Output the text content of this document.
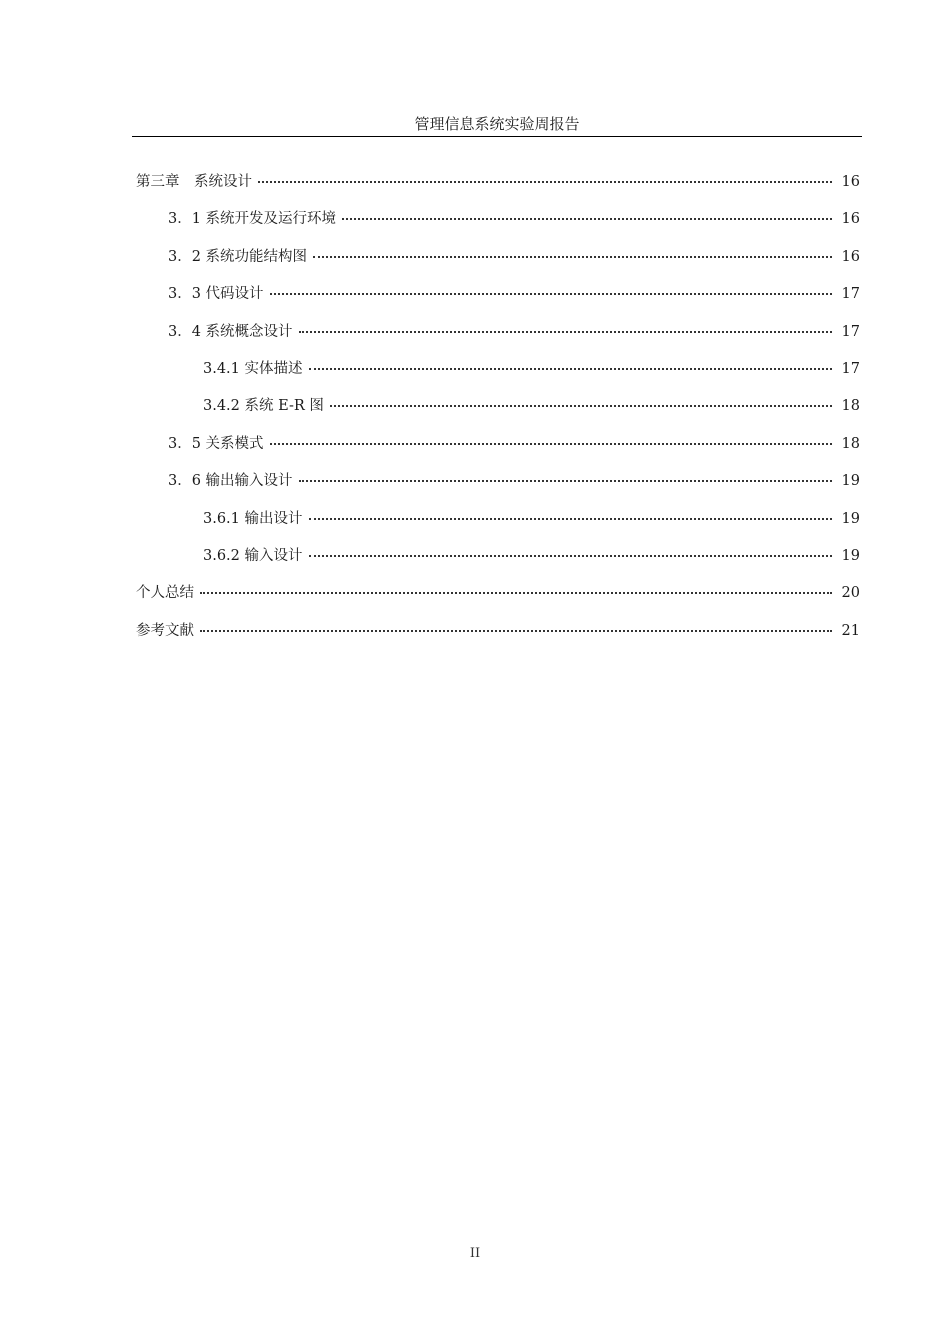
管理信息系统实验周报告
第三章　系统设计	16
3．1 系统开发及运行环境	16
3．2 系统功能结构图	16
3．3 代码设计	17
3．4 系统概念设计	17
3.4.1 实体描述	17
3.4.2 系统 E-R 图	18
3．5 关系模式	18
3．6 输出输入设计	19
3.6.1 输出设计	19
3.6.2 输入设计	19
个人总结	20
参考文献	21
II
